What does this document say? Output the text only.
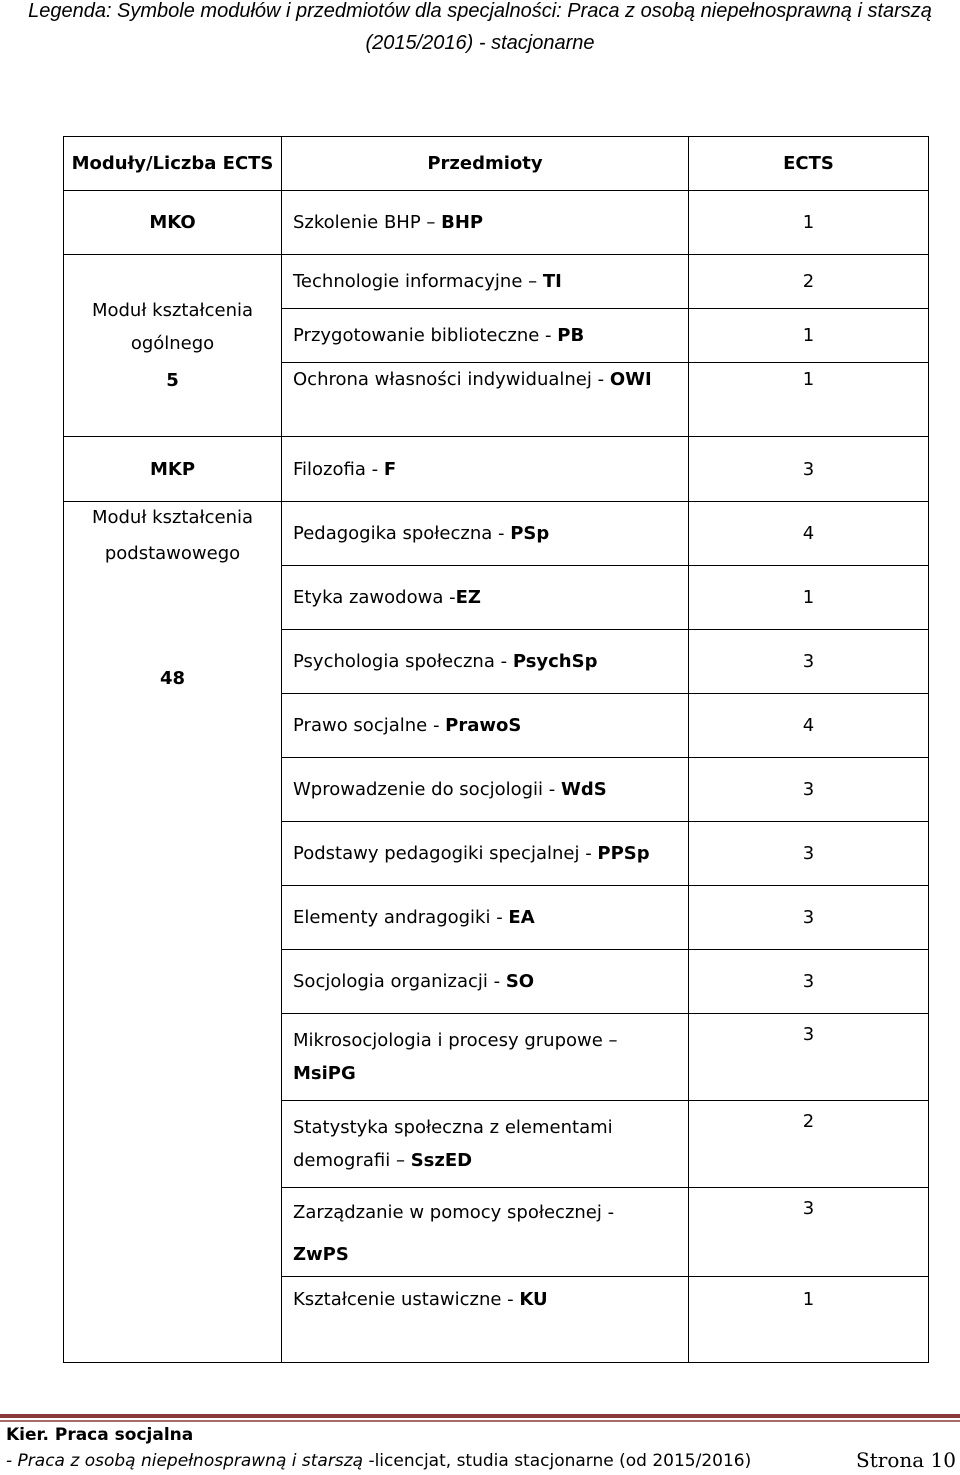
Legenda: Symbole modułów i przedmiotów dla specjalności: Praca z osobą niepełnosprawną i starszą
(2015/2016) - stacjonarne
Moduły/Liczba ECTS	Przedmioty	ECTS
MKO	Szkolenie BHP – BHP	1

Moduł kształcenia
ogólnego
5	Technologie informacyjne – TI	2
	Przygotowanie biblioteczne - PB	1
	Ochrona własności indywidualnej - OWI	1
MKP	Filozofia - F	3

Moduł kształcenia
podstawowego
48	Pedagogika społeczna - PSp	4
	Etyka zawodowa -EZ	1
	Psychologia społeczna - PsychSp	3
	Prawo socjalne - PrawoS	4
	Wprowadzenie do socjologii - WdS	3
	Podstawy pedagogiki specjalnej - PPSp	3
	Elementy andragogiki - EA	3
	Socjologia organizacji - SO	3
	Mikrosocjologia i procesy grupowe – MsiPG	3
	Statystyka społeczna z elementami demografii – SszED	2
	Zarządzanie w pomocy społecznej - ZwPS	3
	Kształcenie ustawiczne - KU	1
Kier. Praca socjalna
- Praca z osobą niepełnosprawną i starszą -licencjat, studia stacjonarne (od 2015/2016)	Strona 10
